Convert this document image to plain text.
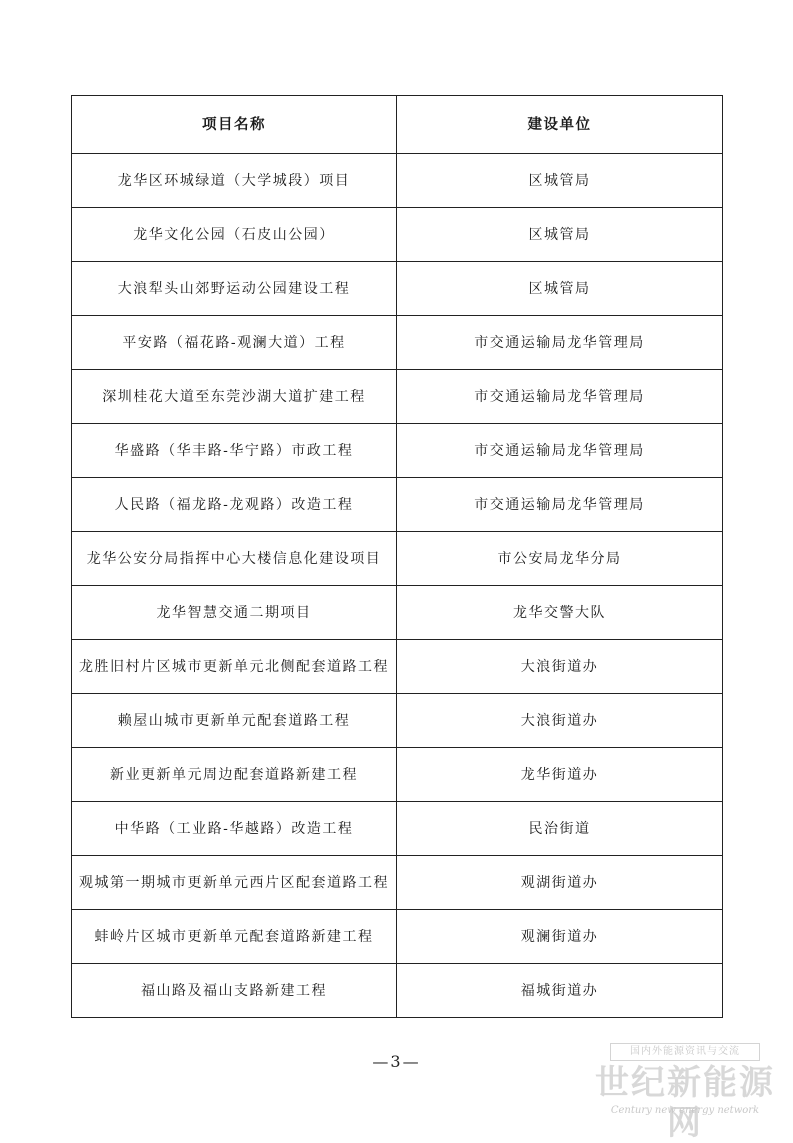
项目名称	建设单位
龙华区环城绿道（大学城段）项目	区城管局
龙华文化公园（石皮山公园）	区城管局
大浪犁头山郊野运动公园建设工程	区城管局
平安路（福花路-观澜大道）工程	市交通运输局龙华管理局
深圳桂花大道至东莞沙湖大道扩建工程	市交通运输局龙华管理局
华盛路（华丰路-华宁路）市政工程	市交通运输局龙华管理局
人民路（福龙路-龙观路）改造工程	市交通运输局龙华管理局
龙华公安分局指挥中心大楼信息化建设项目	市公安局龙华分局
龙华智慧交通二期项目	龙华交警大队
龙胜旧村片区城市更新单元北侧配套道路工程	大浪街道办
赖屋山城市更新单元配套道路工程	大浪街道办
新业更新单元周边配套道路新建工程	龙华街道办
中华路（工业路-华越路）改造工程	民治街道
观城第一期城市更新单元西片区配套道路工程	观湖街道办
蚌岭片区城市更新单元配套道路新建工程	观澜街道办
福山路及福山支路新建工程	福城街道办
—3—
国内外能源资讯与交流
世纪新能源网
Century new energy network
